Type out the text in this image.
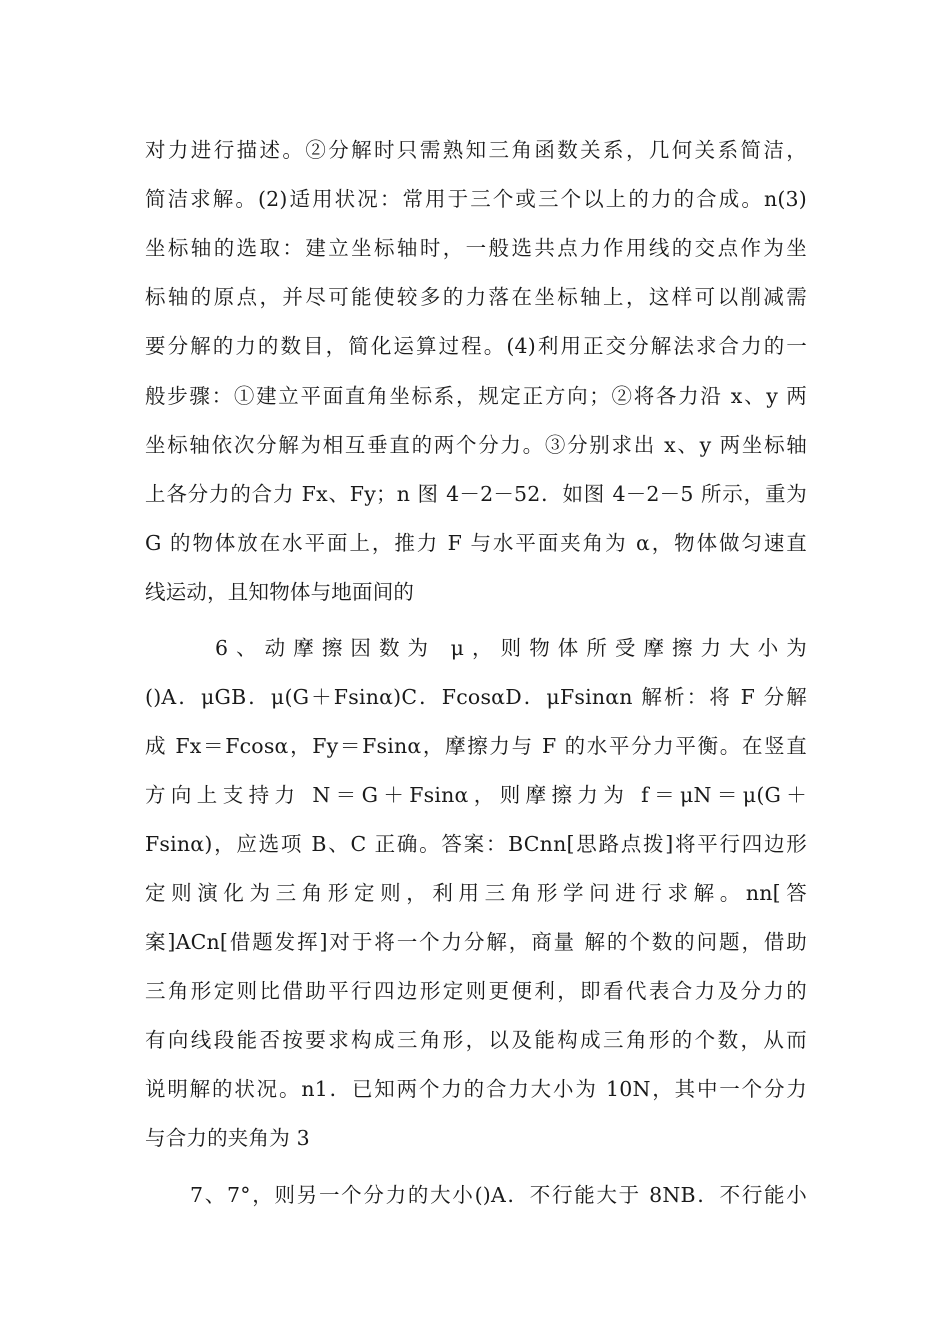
对力进行描述。②分解时只需熟知三角函数关系，几何关系简洁，
简洁求解。(2)适用状况：常用于三个或三个以上的力的合成。n(3)
坐标轴的选取：建立坐标轴时，一般选共点力作用线的交点作为坐
标轴的原点，并尽可能使较多的力落在坐标轴上，这样可以削减需
要分解的力的数目，简化运算过程。(4)利用正交分解法求合力的一
般步骤：①建立平面直角坐标系，规定正方向；②将各力沿 x、y 两
坐标轴依次分解为相互垂直的两个分力。③分别求出 x、y 两坐标轴
上各分力的合力 Fx、Fy；n 图 4－2－52．如图 4－2－5 所示，重为
G 的物体放在水平面上，推力 F 与水平面夹角为 α，物体做匀速直
线运动，且知物体与地面间的
6、动摩擦因数为 μ，则物体所受摩擦力大小为
()A．μGB．μ(G＋Fsinα)C．FcosαD．μFsinαn 解析：将 F 分解
成 Fx＝Fcosα，Fy＝Fsinα，摩擦力与 F 的水平分力平衡。在竖直
方向上支持力 N＝G＋Fsinα，则摩擦力为 f＝μN＝μ(G＋
Fsinα)，应选项 B、C 正确。答案：BCnn[思路点拨]将平行四边形
定则演化为三角形定则，利用三角形学问进行求解。nn[答
案]ACn[借题发挥]对于将一个力分解，商量 解的个数的问题，借助
三角形定则比借助平行四边形定则更便利，即看代表合力及分力的
有向线段能否按要求构成三角形，以及能构成三角形的个数，从而
说明解的状况。n1．已知两个力的合力大小为 10N，其中一个分力
与合力的夹角为 3
7、7°，则另一个分力的大小()A．不行能大于 8NB．不行能小
